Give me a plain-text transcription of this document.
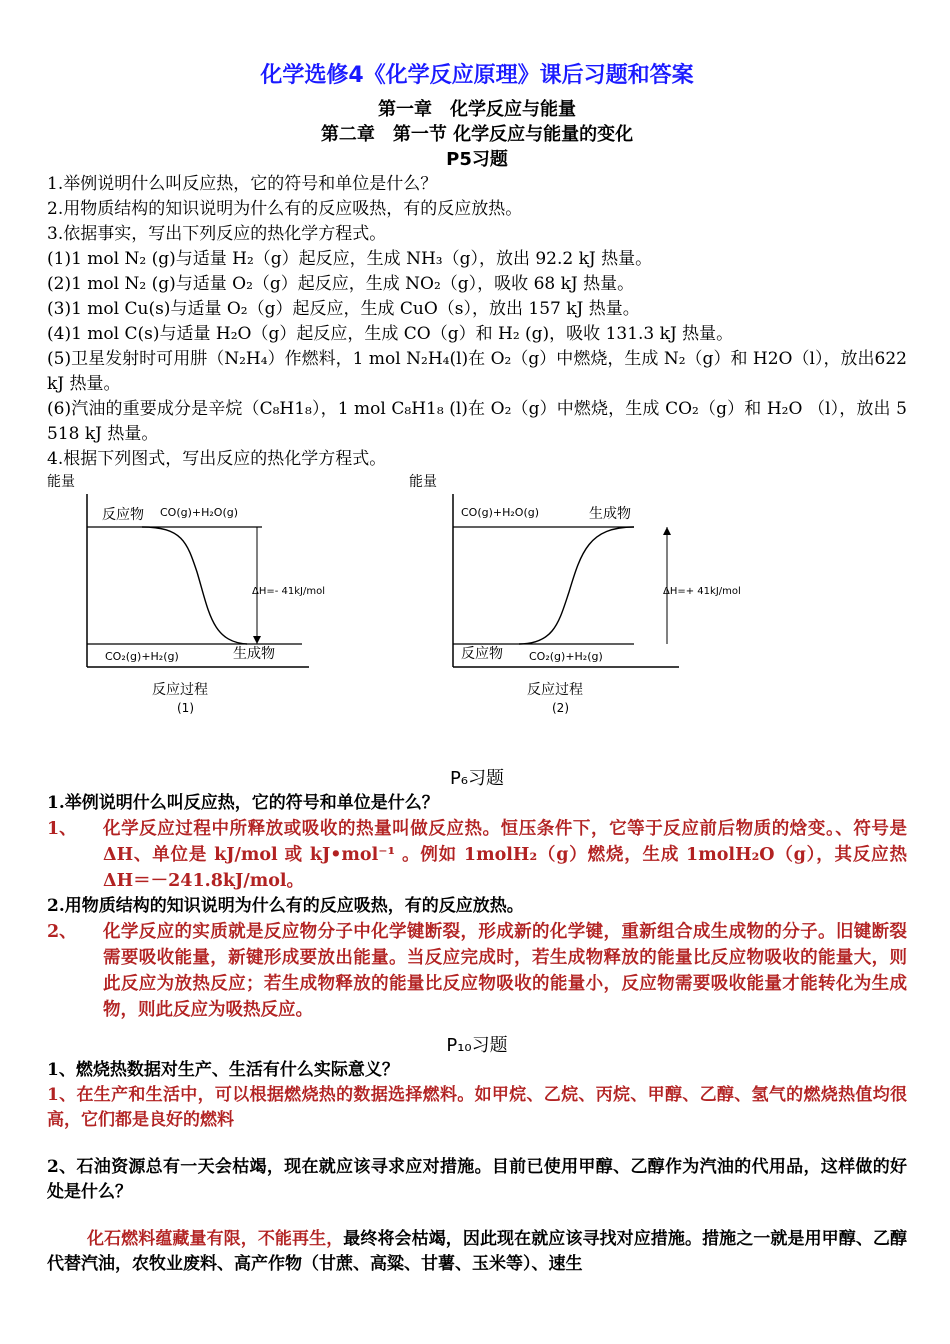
化学选修4《化学反应原理》课后习题和答案
第一章　化学反应与能量
第二章　第一节 化学反应与能量的变化
P5习题
1.举例说明什么叫反应热，它的符号和单位是什么？
2.用物质结构的知识说明为什么有的反应吸热，有的反应放热。
3.依据事实，写出下列反应的热化学方程式。
(1)1 mol N₂ (g)与适量 H₂（g）起反应，生成 NH₃（g），放出 92.2 kJ 热量。
(2)1 mol N₂ (g)与适量 O₂（g）起反应，生成 NO₂（g），吸收 68 kJ 热量。
(3)1 mol Cu(s)与适量 O₂（g）起反应，生成 CuO（s），放出 157 kJ 热量。
(4)1 mol C(s)与适量 H₂O（g）起反应，生成 CO（g）和 H₂ (g)，吸收 131.3 kJ 热量。
(5)卫星发射时可用肼（N₂H₄）作燃料，1 mol N₂H₄(l)在 O₂（g）中燃烧，生成 N₂（g）和 H2O（l），放出622 kJ 热量。
(6)汽油的重要成分是辛烷（C₈H1₈），1 mol C₈H1₈ (l)在 O₂（g）中燃烧，生成 CO₂（g）和 H₂O （l），放出 5 518 kJ 热量。
4.根据下列图式，写出反应的热化学方程式。
能量
反应物 CO(g)+H₂O(g)
ΔH=- 41kJ/mol
CO₂(g)+H₂(g)	生成物
反应过程
(1)
能量
CO(g)+H₂O(g)	生成物
ΔH=+ 41kJ/mol
反应物 CO₂(g)+H₂(g)
反应过程
(2)
P₆习题
1.举例说明什么叫反应热，它的符号和单位是什么？
1、	化学反应过程中所释放或吸收的热量叫做反应热。恒压条件下，它等于反应前后物质的焓变。、符号是 ΔH、单位是 kJ/mol 或 kJ•mol⁻¹ 。例如 1molH₂（g）燃烧，生成 1molH₂O（g），其反应热 ΔH＝－241.8kJ/mol。
2.用物质结构的知识说明为什么有的反应吸热，有的反应放热。
2、	化学反应的实质就是反应物分子中化学键断裂，形成新的化学键，重新组合成生成物的分子。旧键断裂需要吸收能量，新键形成要放出能量。当反应完成时，若生成物释放的能量比反应物吸收的能量大，则此反应为放热反应；若生成物释放的能量比反应物吸收的能量小，反应物需要吸收能量才能转化为生成物，则此反应为吸热反应。
P₁₀习题
1、燃烧热数据对生产、生活有什么实际意义？
1、在生产和生活中，可以根据燃烧热的数据选择燃料。如甲烷、乙烷、丙烷、甲醇、乙醇、氢气的燃烧热值均很高，它们都是良好的燃料
2、石油资源总有一天会枯竭，现在就应该寻求应对措施。目前已使用甲醇、乙醇作为汽油的代用品，这样做的好处是什么？
化石燃料蕴藏量有限，不能再生，最终将会枯竭，因此现在就应该寻找对应措施。措施之一就是用甲醇、乙醇代替汽油，农牧业废料、高产作物（甘蔗、高粱、甘薯、玉米等）、速生
